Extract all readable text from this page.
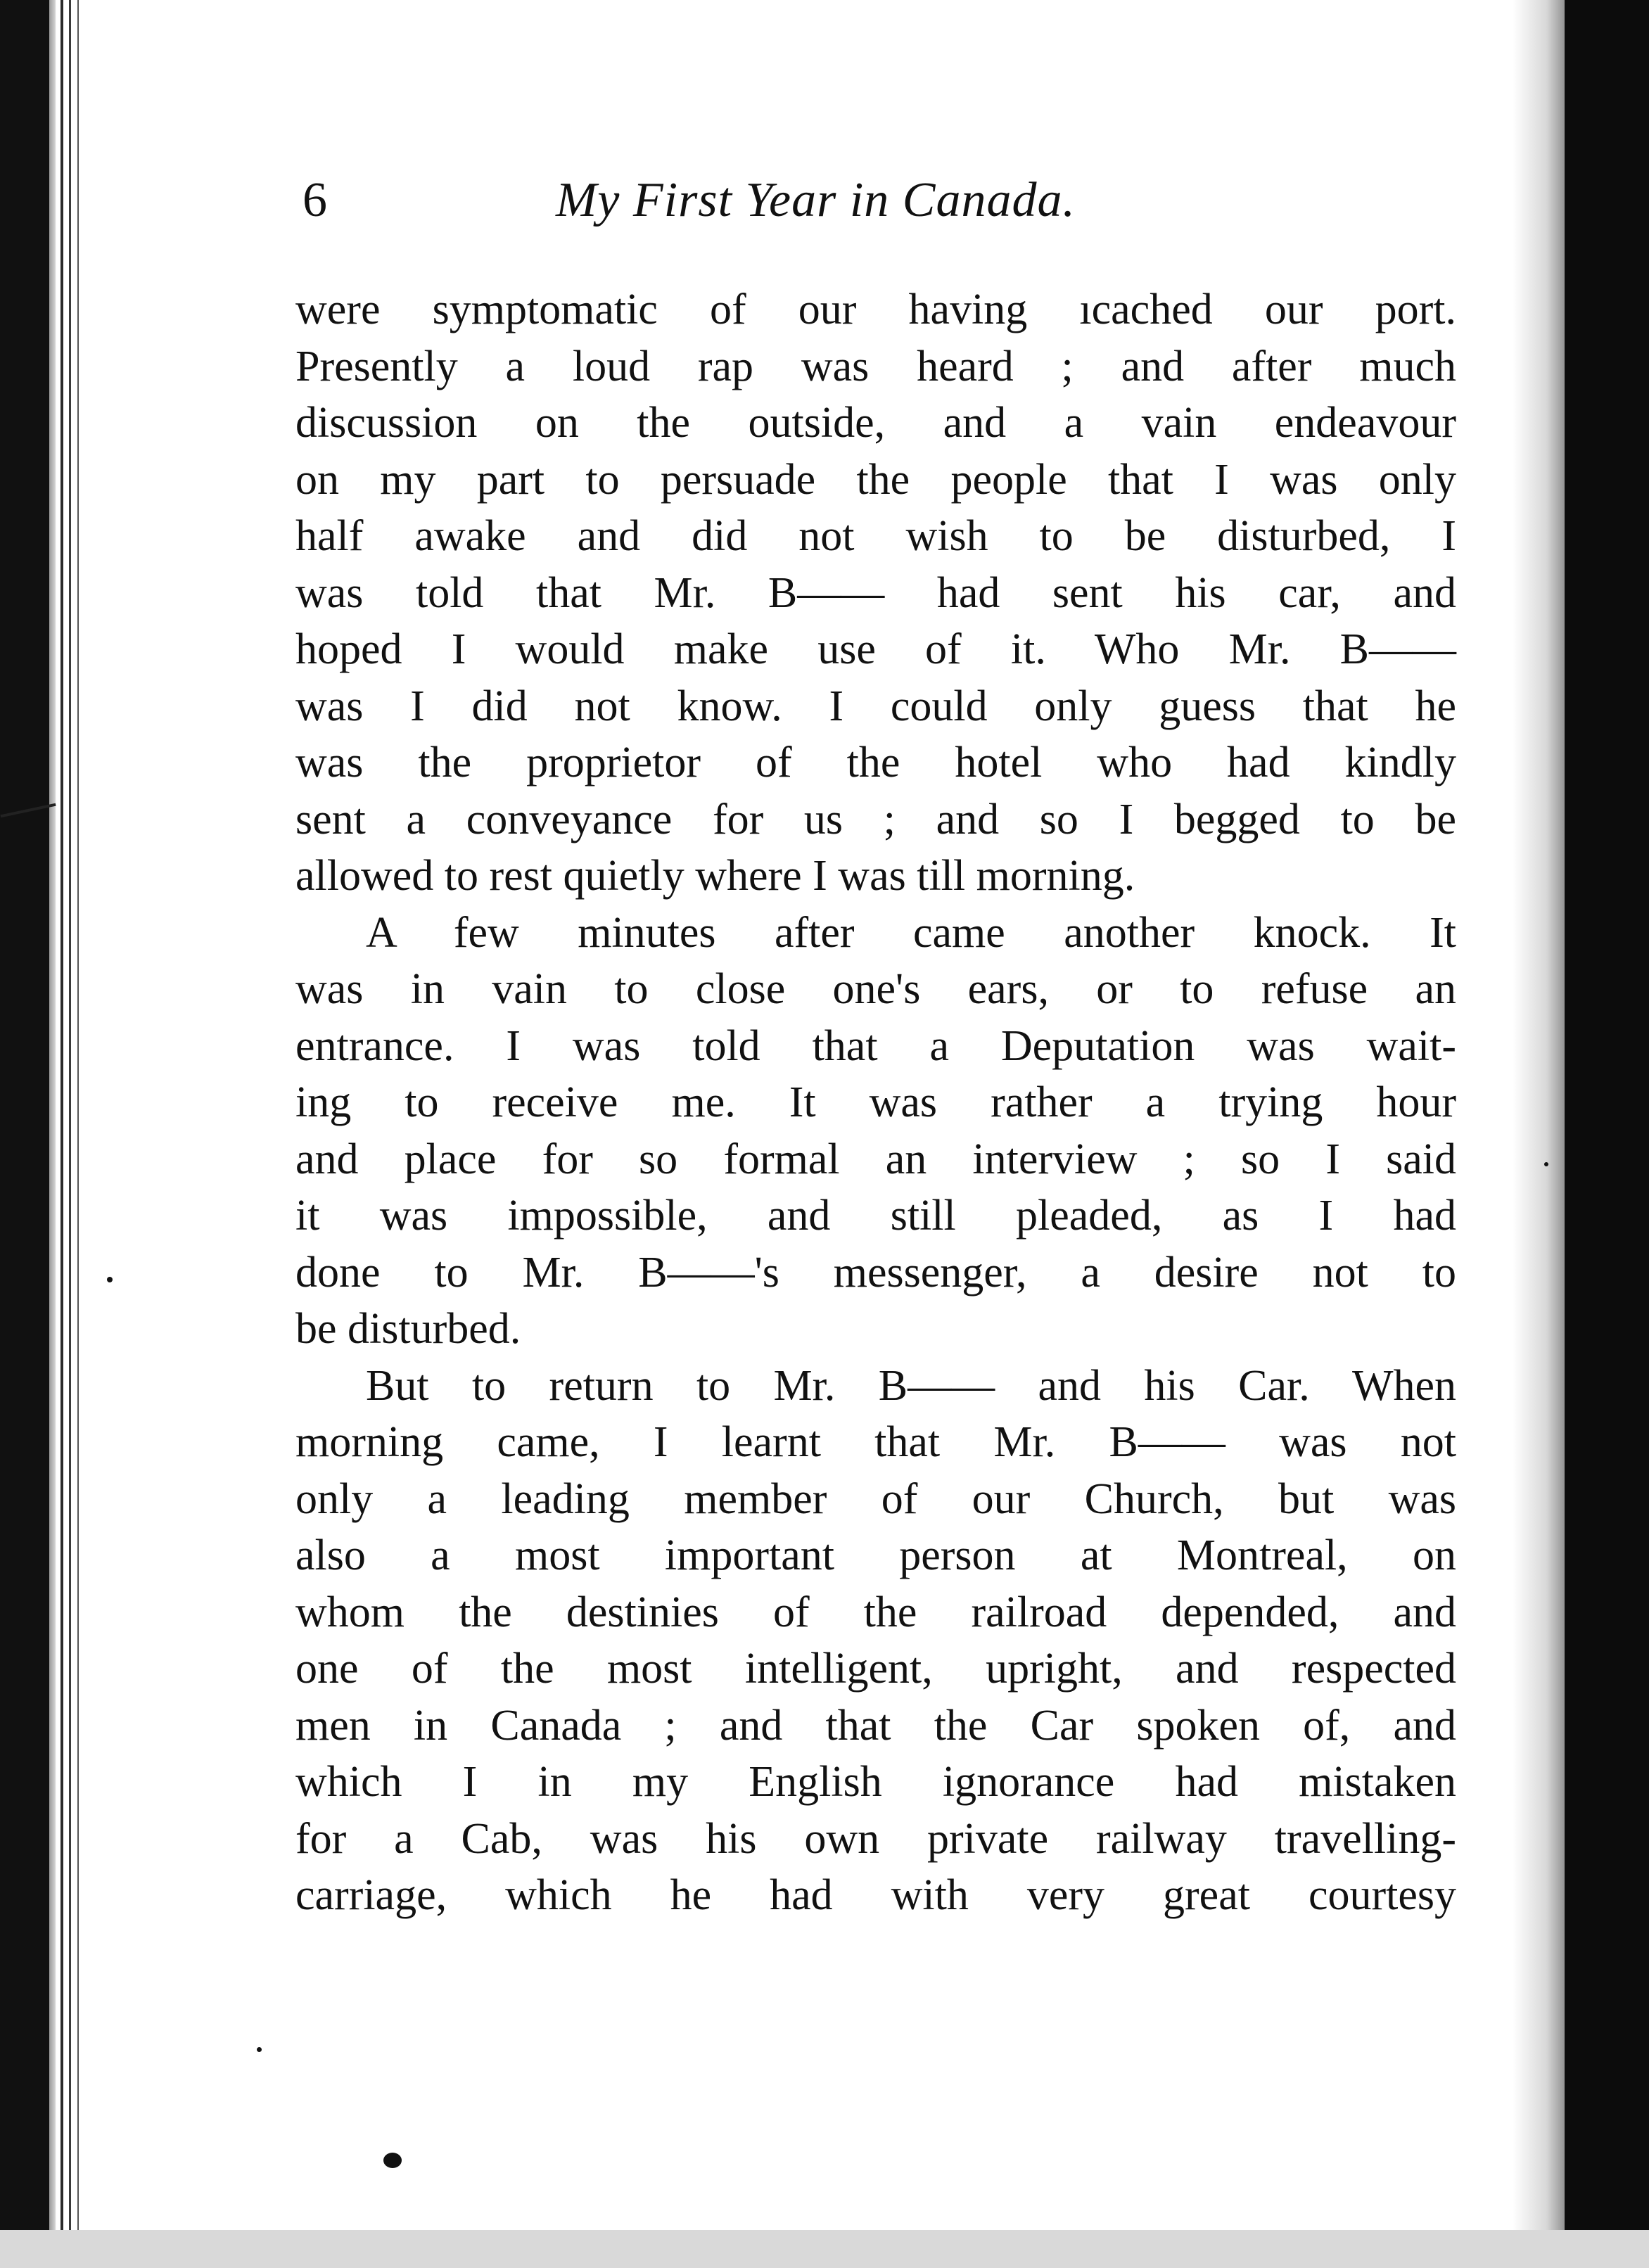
6	My First Year in Canada.
were symptomatic of our having ıсached our port.
Presently a loud rap was heard ; and after much
discussion on the outside, and a vain endeavour
on my part to persuade the people that I was only
half awake and did not wish to be disturbed, I
was told that Mr. B—— had sent his car, and
hoped I would make use of it. Who Mr. B——
was I did not know. I could only guess that he
was the proprietor of the hotel who had kindly
sent a conveyance for us ; and so I begged to be
allowed to rest quietly where I was till morning.
A few minutes after came another knock. It
was in vain to close one's ears, or to refuse an
entrance. I was told that a Deputation was wait-
ing to receive me. It was rather a trying hour
and place for so formal an interview ; so I said
it was impossible, and still pleaded, as I had
done to Mr. B——'s messenger, a desire not to
be disturbed.
But to return to Mr. B—— and his Car. When
morning came, I learnt that Mr. B—— was not
only a leading member of our Church, but was
also a most important person at Montreal, on
whom the destinies of the railroad depended, and
one of the most intelligent, upright, and respected
men in Canada ; and that the Car spoken of, and
which I in my English ignorance had mistaken
for a Cab, was his own private railway travelling-
carriage, which he had with very great courtesy
